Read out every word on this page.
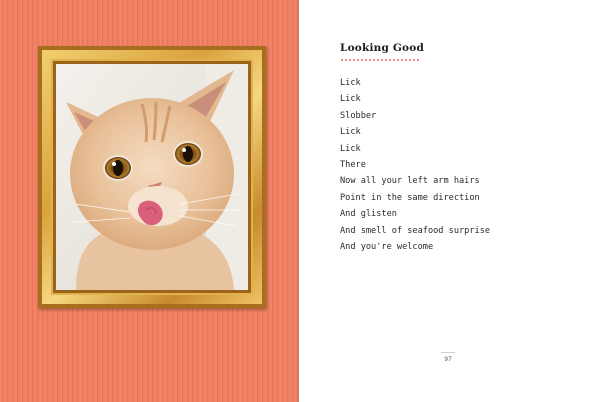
Looking Good
Lick
Lick
Slobber
Lick
Lick
There
Now all your left arm hairs
Point in the same direction
And glisten
And smell of seafood surprise
And you're welcome
97
